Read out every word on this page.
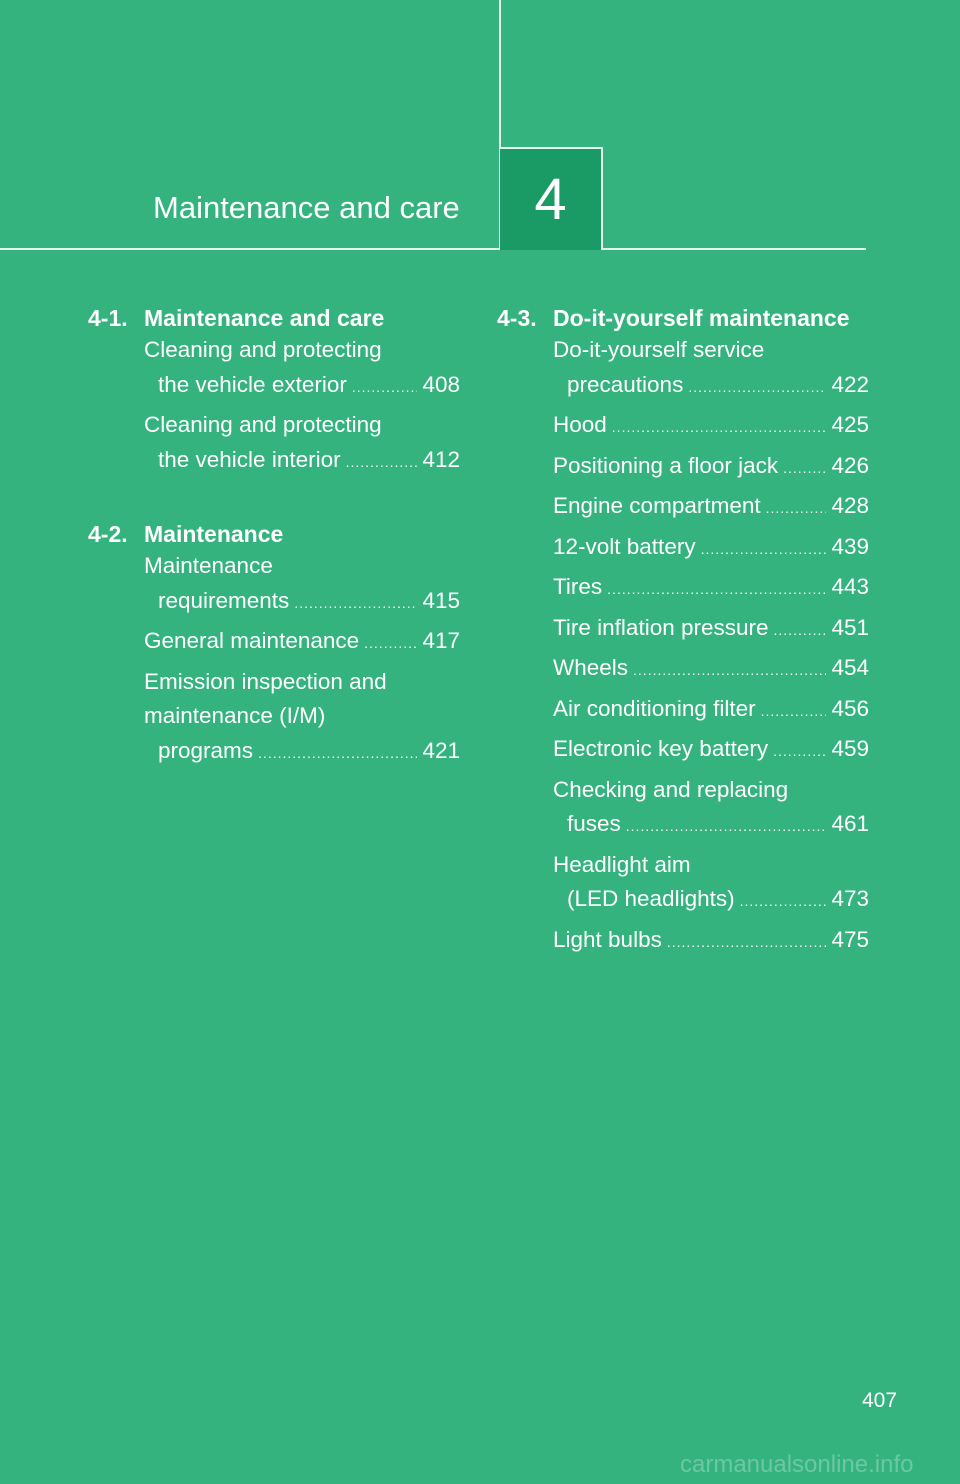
Maintenance and care 4
4-1. Maintenance and care
Cleaning and protecting
the vehicle exterior .....	408
Cleaning and protecting
the vehicle interior .....	412
4-2. Maintenance
Maintenance
requirements .....	415
General maintenance .....	417
Emission inspection and
maintenance (I/M)
programs .....	421
4-3. Do-it-yourself maintenance
Do-it-yourself service
precautions .....	422
Hood .....	425
Positioning a floor jack ..... 426
Engine compartment .....	428
12-volt battery .....	439
Tires .....	443
Tire inflation pressure .....	451
Wheels .....	454
Air conditioning filter .....	456
Electronic key battery .....	459
Checking and replacing
fuses .....	461
Headlight aim
(LED headlights) .....	473
Light bulbs .....	475
407
carmanualsonline.info
